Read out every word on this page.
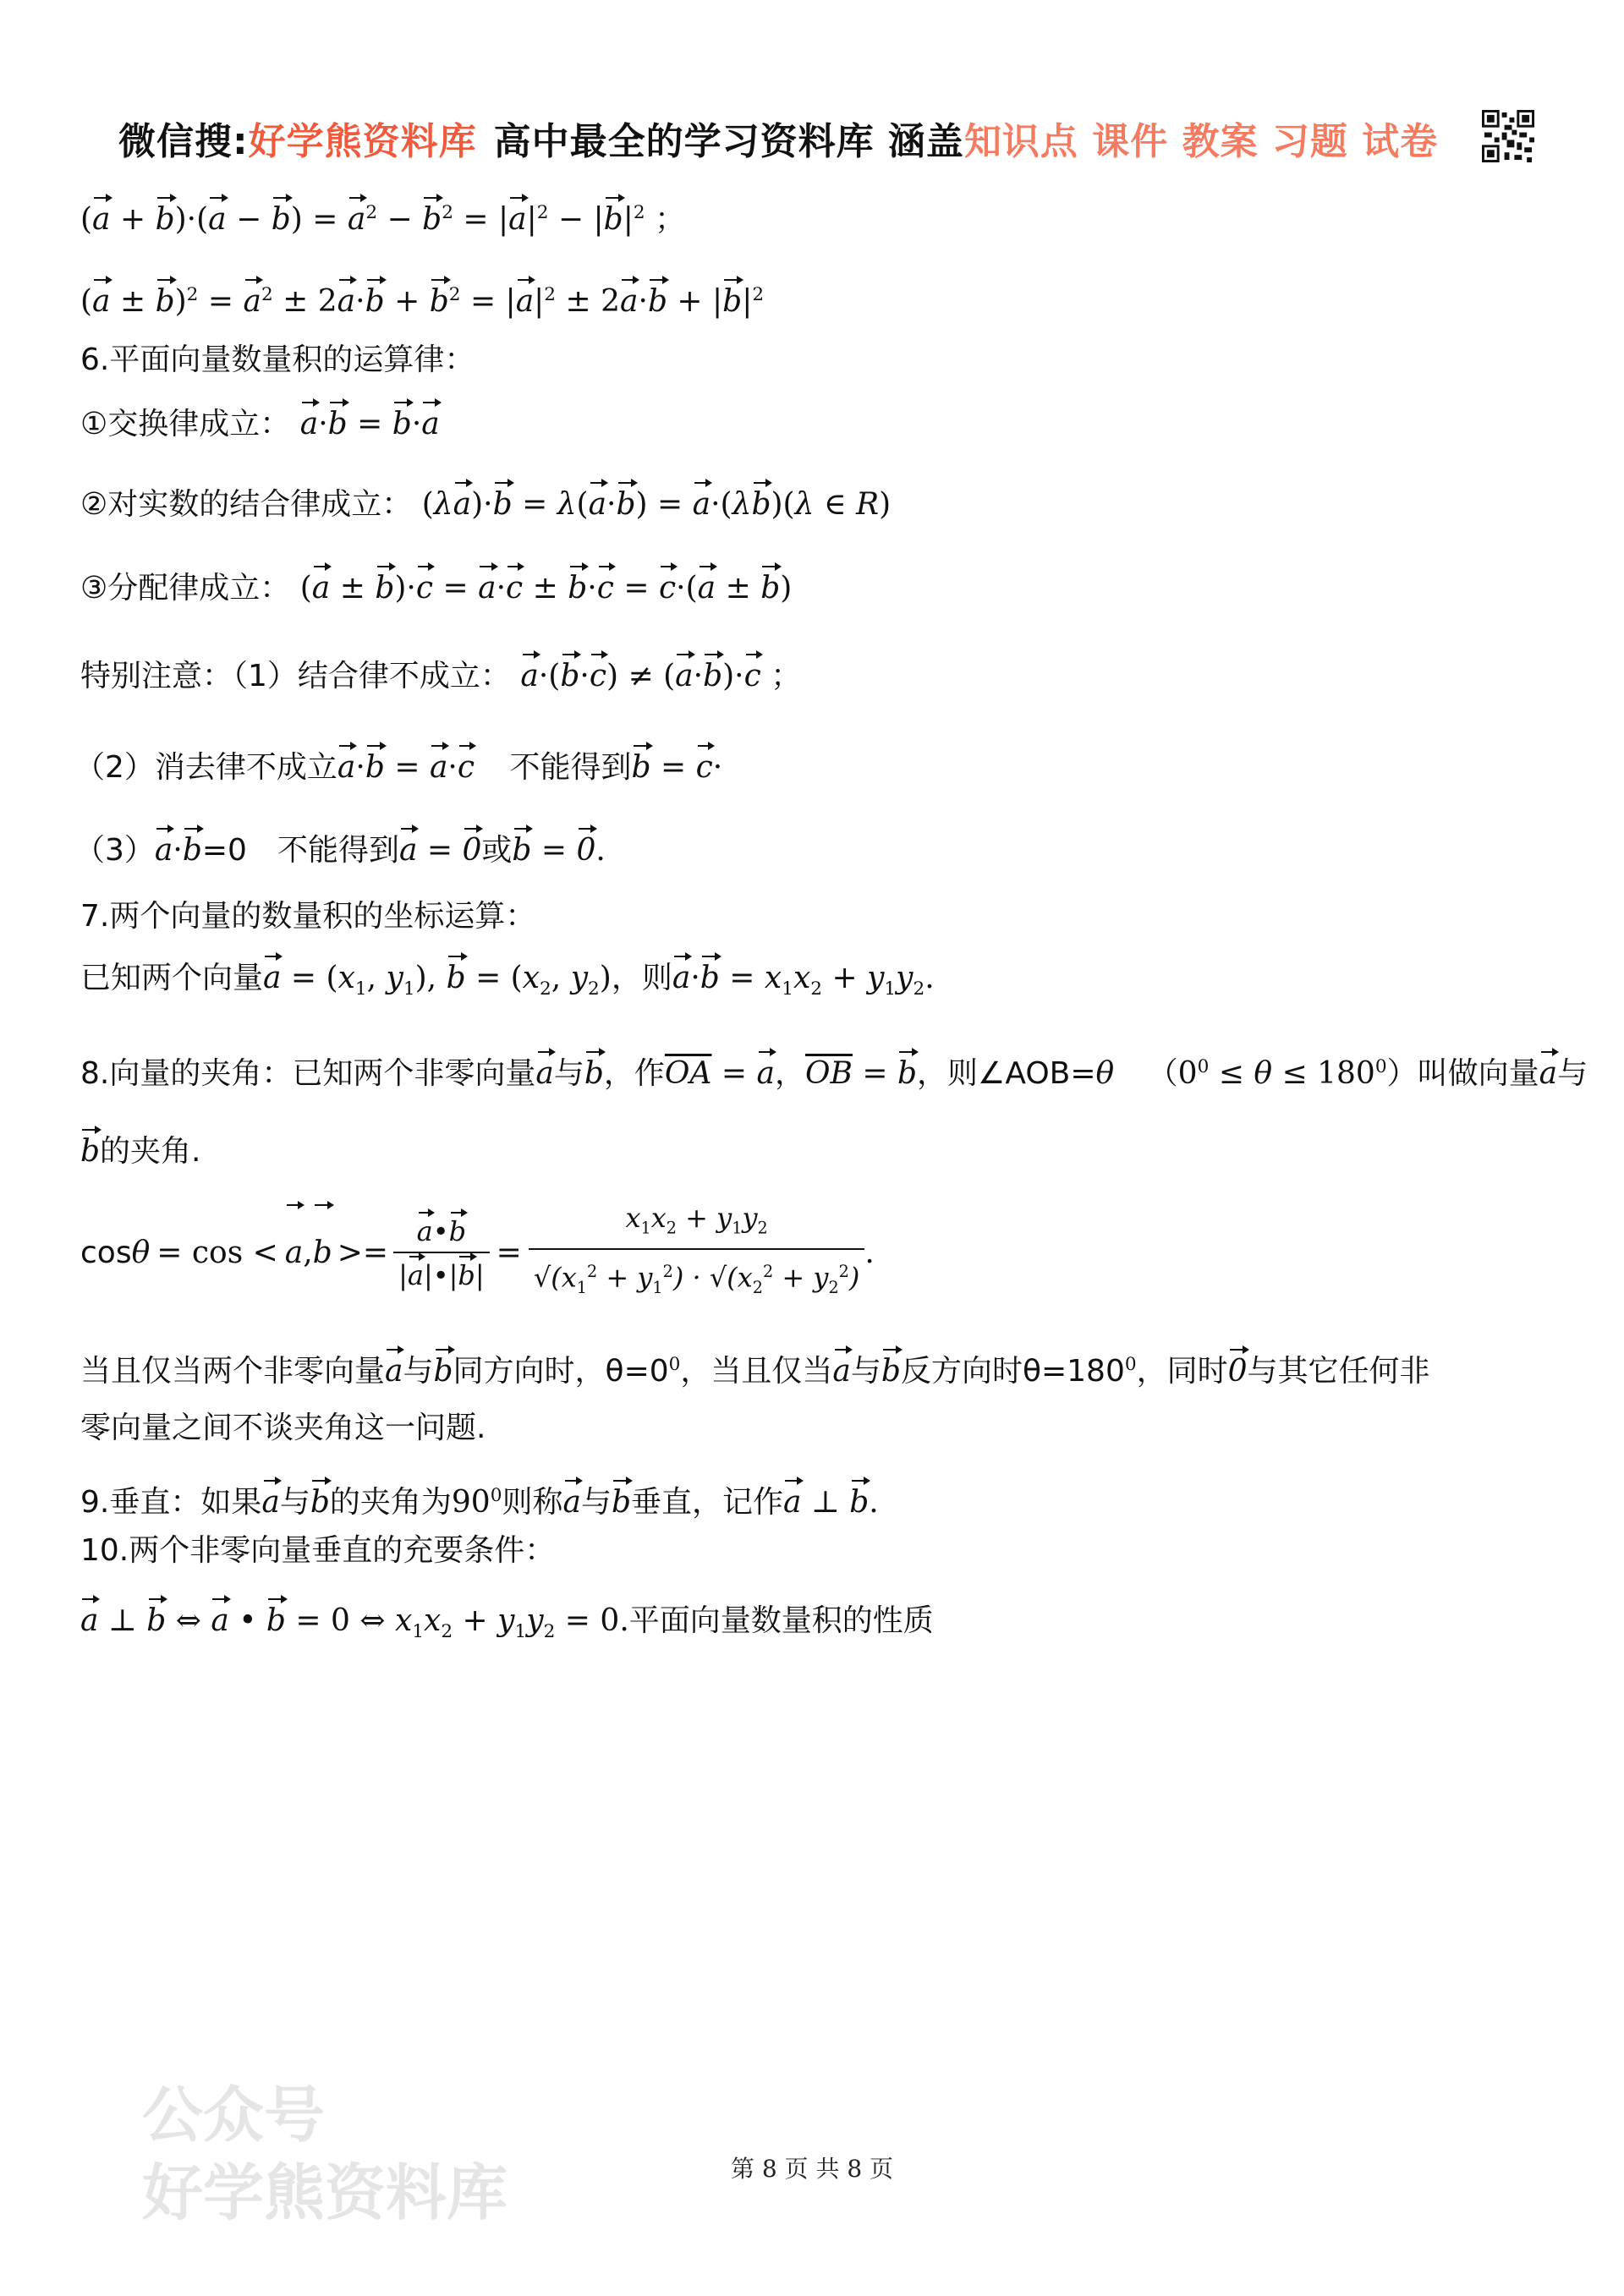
微信搜: 好学熊资料库 高中最全的学习资料库 涵盖 知识点 课件 教案 习题 试卷
$(a + b)\cdot(a - b) = a^2 - b^2 = |a|^2 - |b|^2$ ；
$(a \pm b)^2 = a^2 \pm 2a\cdot b + b^2 = |a|^2 \pm 2a\cdot b + |b|^2$
6.平面向量数量积的运算律：
①交换律成立： a·b = b·a
②对实数的结合律成立： (λa)·b = λ(a·b) = a·(λb)(λ ∈ R)
③分配律成立： (a ± b)·c = a·c ± b·c = c·(a ± b)
特别注意：（1）结合律不成立： a·(b·c) ≠ (a·b)·c ；
（2）消去律不成立a·b = a·c 不能得到b = c·
（3）a·b=0　不能得到a = 0或b = 0.
7.两个向量的数量积的坐标运算：
已知两个向量$a = (x_1$, $y_1$), $b = (x_2$, $y_2$)，则$a\cdot b = x_1x_2 + y_1y_2$.
8.向量的夹角：已知两个非零向量a与b，作$\overline{OA} = a$，$\overline{OB} = b$，则∠AOB=θ $(0^0 \le \theta \le 180^0)$叫做向量a与
b的夹角.
cos θ = cos < a , $b >= \frac{a•b}{|a|•|b|} = \frac{x_1x_2 + y_1y_2}{√(x_1^2 + y_1^2) \cdot √(x_2^2 + y_2^2)}$ .
当且仅当两个非零向量a与b同方向时，$\theta=0^0$，当且仅当a与b反方向时$\theta=180^0$，同时0与其它任何非
零向量之间不谈夹角这一问题.
9.垂直：如果a与b的夹角为$90^0$则称a与b垂直，记作a ⊥ b.
10.两个非零向量垂直的充要条件：
a ⊥ b ⇔ a • b = 0 ⇔ $x_1x_2 + y_1y_2 = 0$.平面向量数量积的性质
公众号
好学熊资料库	第 8 页 共 8 页
